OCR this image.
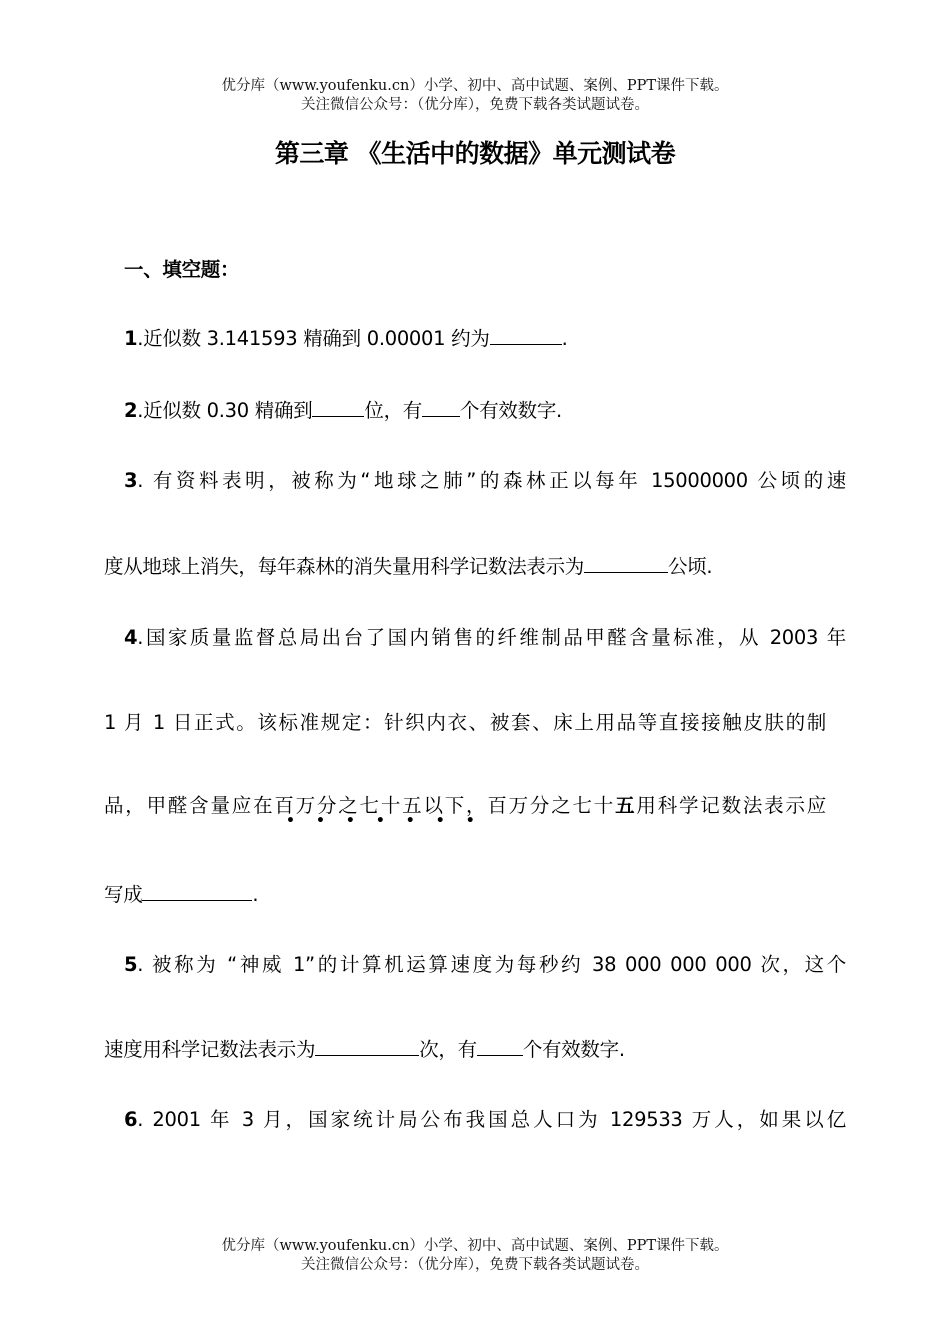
优分库（www.youfenku.cn）小学、初中、高中试题、案例、PPT课件下载。
关注微信公众号：（优分库），免费下载各类试题试卷。
第三章 《生活中的数据》单元测试卷
一、填空题：
1.近似数 3.141593 精确到 0.00001 约为	.
2.近似数 0.30 精确到	位，有 个有效数字.
3. 有资料表明，被称为“地球之肺”的森林正以每年 15000000 公顷的速
度从地球上消失，每年森林的消失量用科学记数法表示为	公顷.
4.国家质量监督总局出台了国内销售的纤维制品甲醛含量标准，从 2003 年
1 月 1 日正式。该标准规定：针织内衣、被套、床上用品等直接接触皮肤的制
品，甲醛含量应在百万分之七十五以下，百万分之七十五用科学记数法表示应
•••••••
写成	.
5. 被称为 “神威 1”的计算机运算速度为每秒约 38 000 000 000 次，这个
速度用科学记数法表示为	次，有 个有效数字.
6. 2001 年 3 月，国家统计局公布我国总人口为 129533 万人，如果以亿
优分库（www.youfenku.cn）小学、初中、高中试题、案例、PPT课件下载。
关注微信公众号：（优分库），免费下载各类试题试卷。
